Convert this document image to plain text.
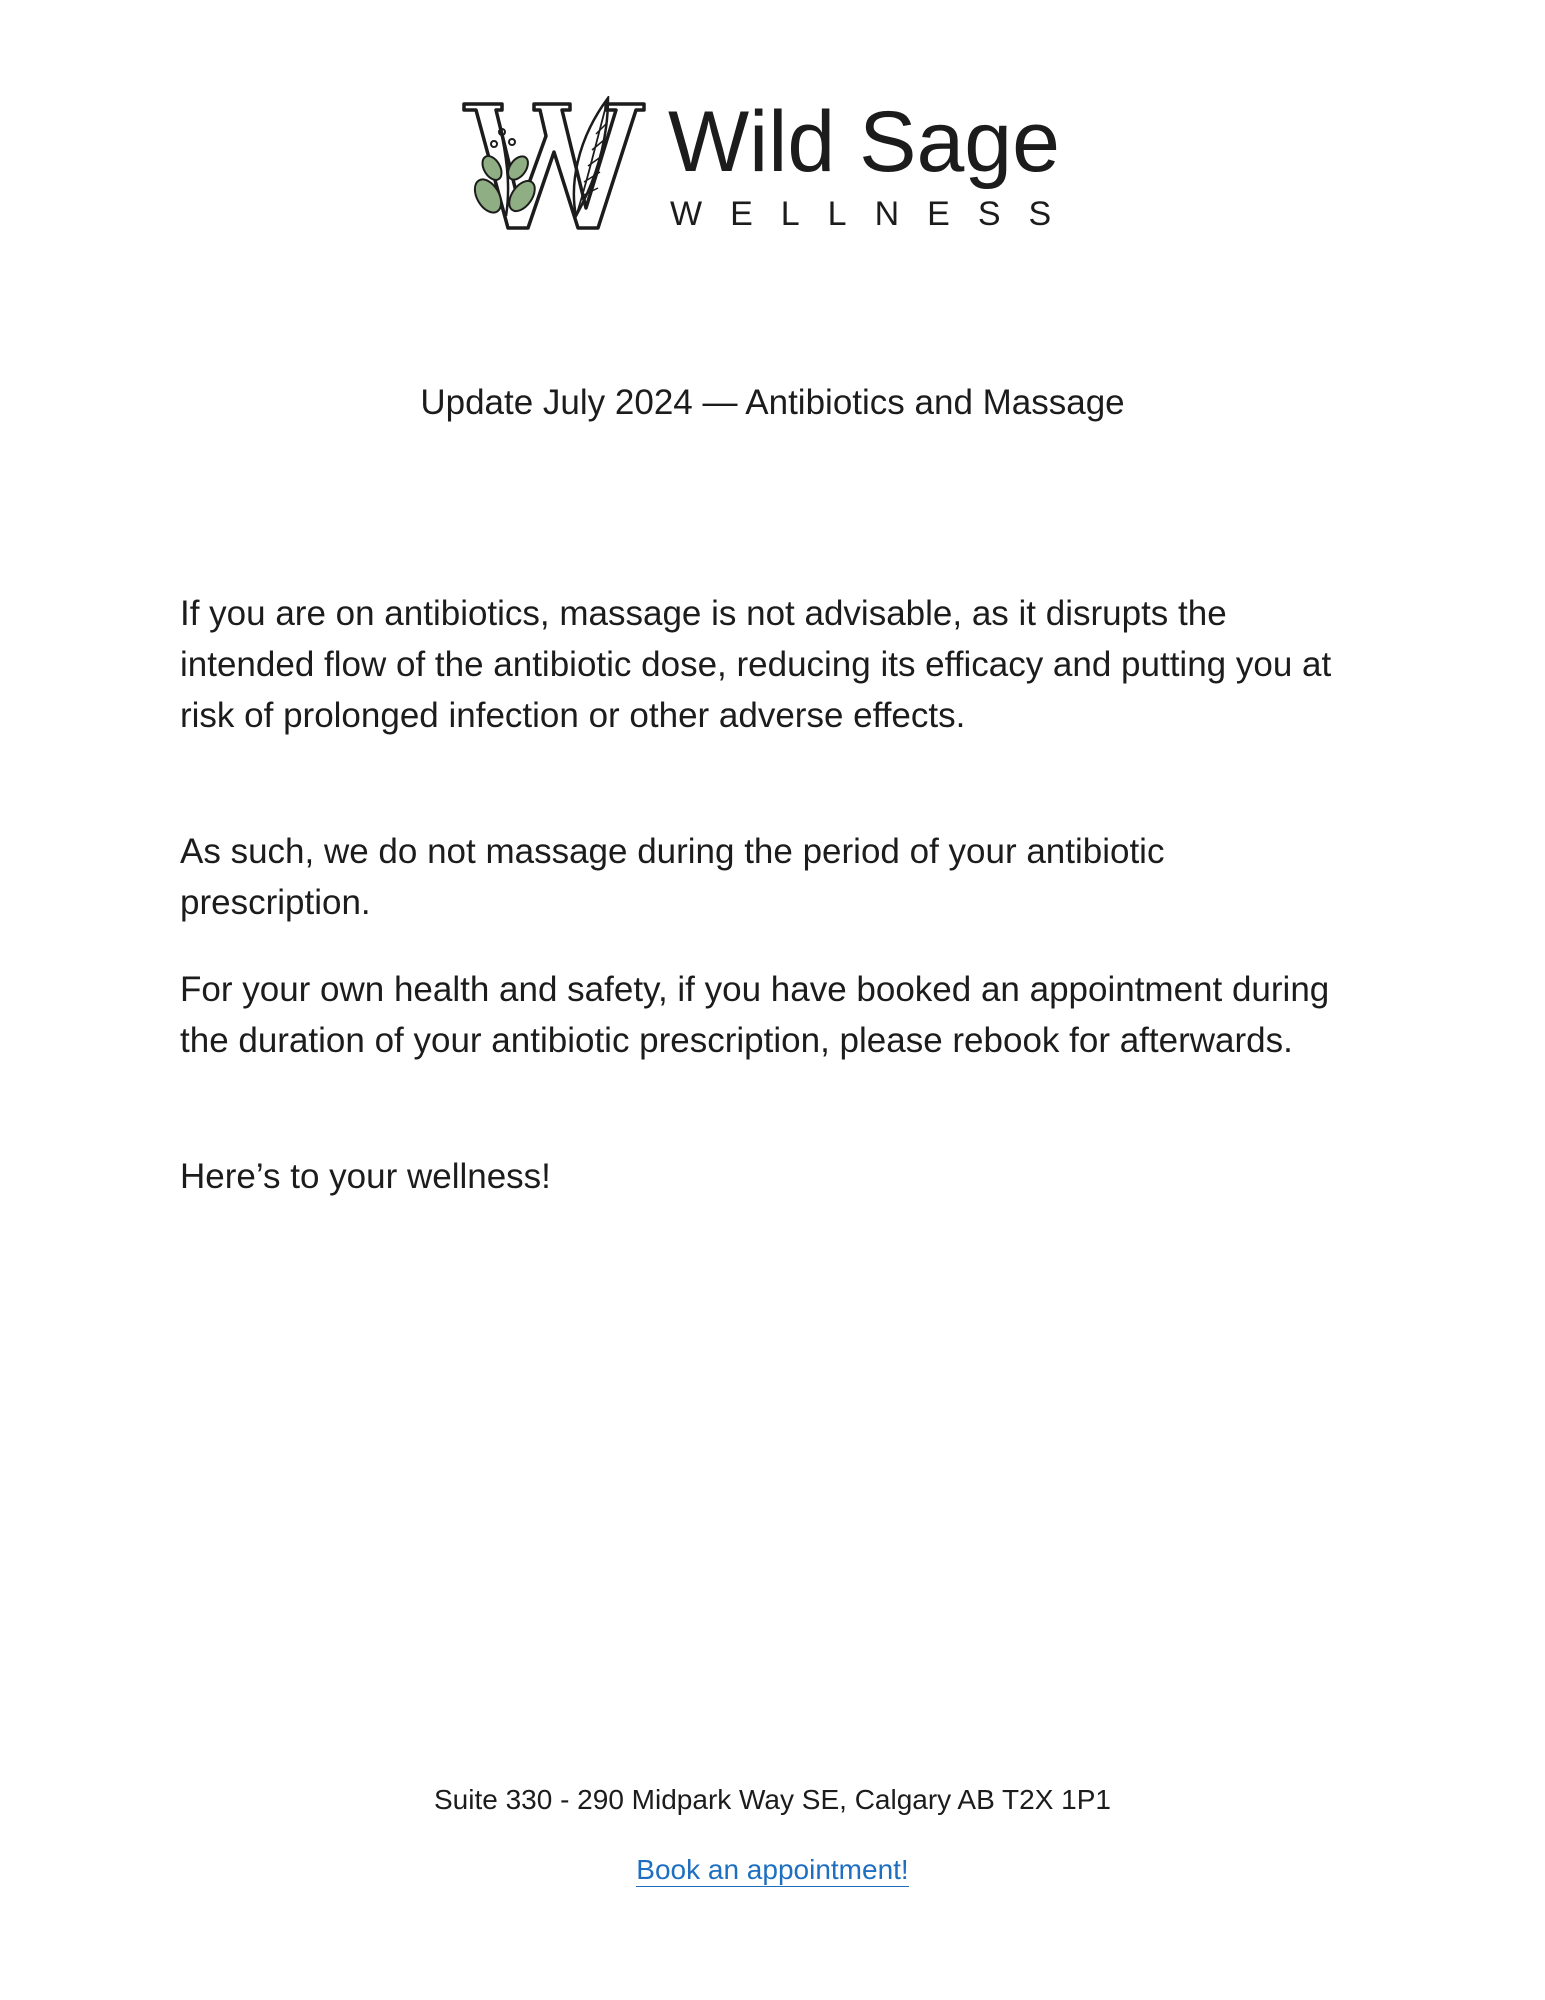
Wild Sage
WELLNESS
Update July 2024 — Antibiotics and Massage

If you are on antibiotics, massage is not advisable, as it disrupts the intended flow of the antibiotic dose, reducing its efficacy and putting you at risk of prolonged infection or other adverse effects.

As such, we do not massage during the period of your antibiotic prescription.

For your own health and safety, if you have booked an appointment during the duration of your antibiotic prescription, please rebook for afterwards.

Here’s to your wellness!

Suite 330 - 290 Midpark Way SE, Calgary AB T2X 1P1
Book an appointment!
